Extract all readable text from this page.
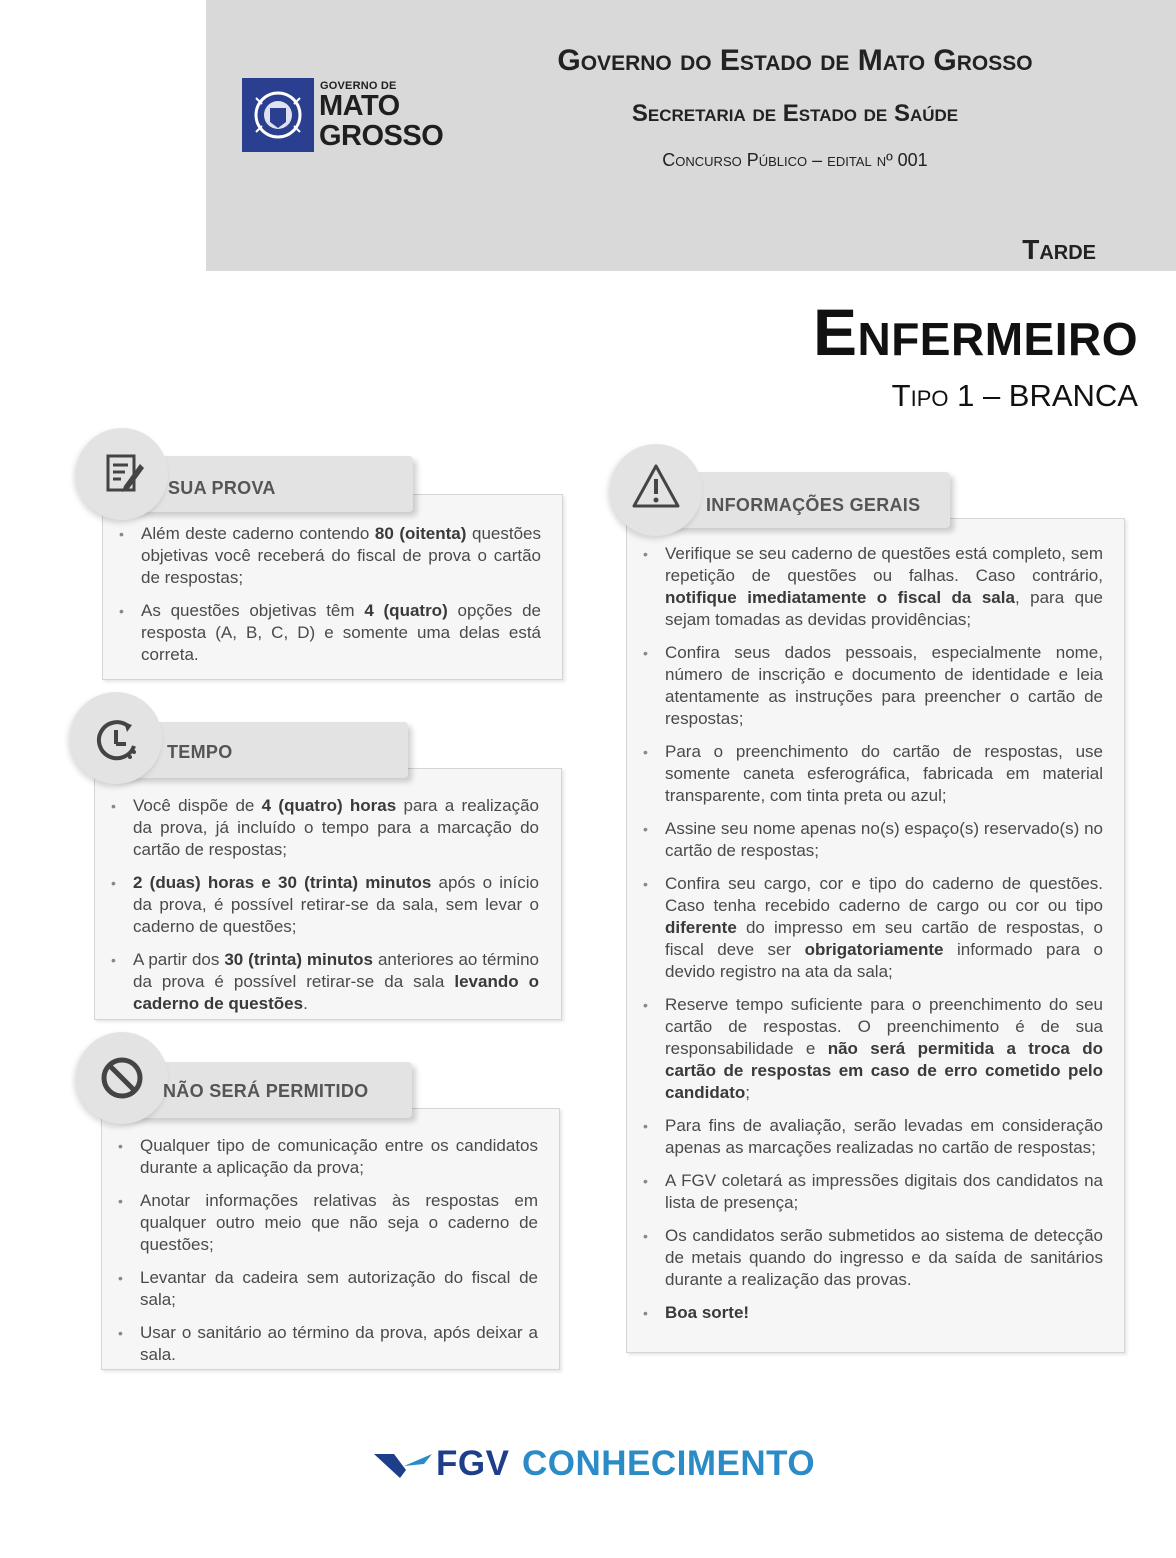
GOVERNO DE
MATO
GROSSO
Governo do Estado de Mato Grosso
Secretaria de Estado de Saúde
Concurso Público – edital nº 001
Tarde
Enfermeiro
Tipo 1 – BRANCA
• Além deste caderno contendo 80 (oitenta) questões objetivas você receberá do fiscal de prova o cartão de respostas;
• As questões objetivas têm 4 (quatro) opções de resposta (A, B, C, D) e somente uma delas está correta.
SUA PROVA
• Você dispõe de 4 (quatro) horas para a realização da prova, já incluído o tempo para a marcação do cartão de respostas;
• 2 (duas) horas e 30 (trinta) minutos após o início da prova, é possível retirar-se da sala, sem levar o caderno de questões;
• A partir dos 30 (trinta) minutos anteriores ao término da prova é possível retirar-se da sala levando o caderno de questões.
TEMPO
• Qualquer tipo de comunicação entre os candidatos durante a aplicação da prova;
• Anotar informações relativas às respostas em qualquer outro meio que não seja o caderno de questões;
• Levantar da cadeira sem autorização do fiscal de sala;
• Usar o sanitário ao término da prova, após deixar a sala.
NÃO SERÁ PERMITIDO
• Verifique se seu caderno de questões está completo, sem repetição de questões ou falhas. Caso contrário, notifique imediatamente o fiscal da sala, para que sejam tomadas as devidas providências;
• Confira seus dados pessoais, especialmente nome, número de inscrição e documento de identidade e leia atentamente as instruções para preencher o cartão de respostas;
• Para o preenchimento do cartão de respostas, use somente caneta esferográfica, fabricada em material transparente, com tinta preta ou azul;
• Assine seu nome apenas no(s) espaço(s) reservado(s) no cartão de respostas;
• Confira seu cargo, cor e tipo do caderno de questões. Caso tenha recebido caderno de cargo ou cor ou tipo diferente do impresso em seu cartão de respostas, o fiscal deve ser obrigatoriamente informado para o devido registro na ata da sala;
• Reserve tempo suficiente para o preenchimento do seu cartão de respostas. O preenchimento é de sua responsabilidade e não será permitida a troca do cartão de respostas em caso de erro cometido pelo candidato;
• Para fins de avaliação, serão levadas em consideração apenas as marcações realizadas no cartão de respostas;
• A FGV coletará as impressões digitais dos candidatos na lista de presença;
• Os candidatos serão submetidos ao sistema de detecção de metais quando do ingresso e da saída de sanitários durante a realização das provas.
• Boa sorte!
INFORMAÇÕES GERAIS
FGV CONHECIMENTO
